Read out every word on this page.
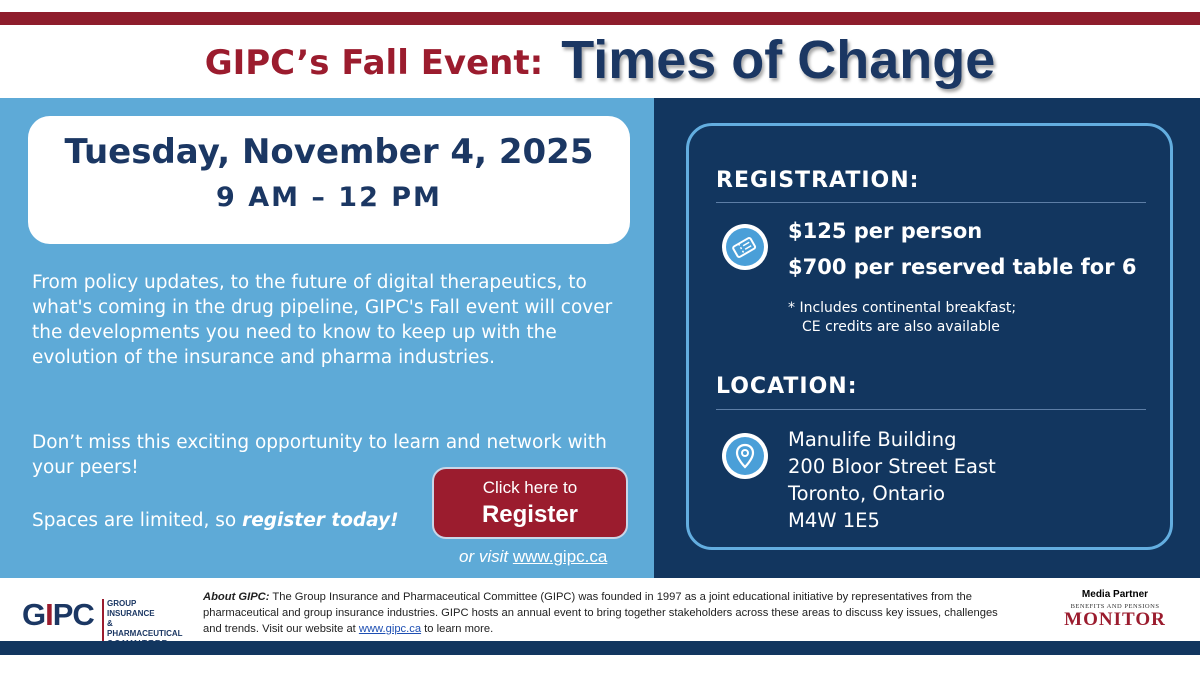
GIPC’s Fall Event: Times of Change
Tuesday, November 4, 2025
9 AM – 12 PM
From policy updates, to the future of digital therapeutics, to what's coming in the drug pipeline, GIPC's Fall event will cover the developments you need to know to keep up with the evolution of the insurance and pharma industries.
Don’t miss this exciting opportunity to learn and network with your peers!
Spaces are limited, so register today!
Click here to
Register
or visit www.gipc.ca
REGISTRATION:
$125 per person
$700 per reserved table for 6
* Includes continental breakfast;
CE credits are also available
LOCATION:
Manulife Building
200 Bloor Street East
Toronto, Ontario
M4W 1E5
GIPC GROUP INSURANCE
& PHARMACEUTICAL
About GIPC: The Group Insurance and Pharmaceutical Committee (GIPC) was founded in 1997 as a joint educational initiative by representatives from the pharmaceutical and group insurance industries. GIPC hosts an annual event to bring together stakeholders across these areas to discuss key issues, challenges and trends. Visit our website at www.gipc.ca to learn more.
Media Partner
BENEFITS AND PENSIONS
MONITOR
